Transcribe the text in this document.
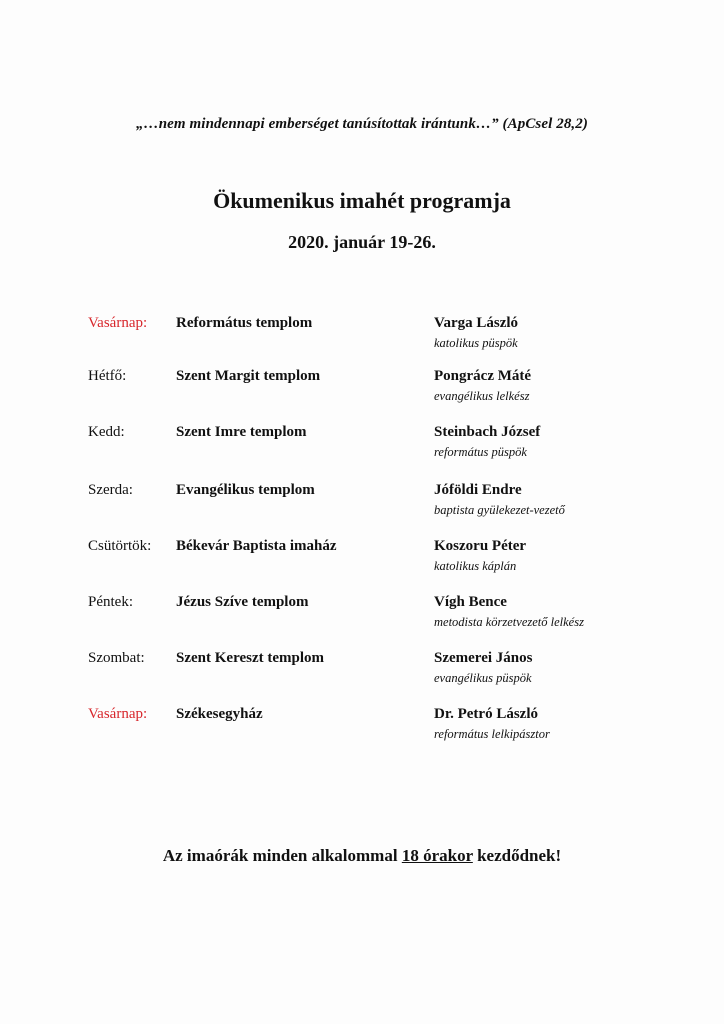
„…nem mindennapi emberséget tanúsítottak irántunk…” (ApCsel 28,2)
Ökumenikus imahét programja
2020. január 19-26.
Vasárnap: Református templom	Varga László
katolikus püspök
Hétfő:	Szent Margit templom	Pongrácz Máté
evangélikus lelkész
Kedd:	Szent Imre templom	Steinbach József
református püspök
Szerda:	Evangélikus templom	Jóföldi Endre
baptista gyülekezet-vezető
Csütörtök: Békevár Baptista imaház	Koszoru Péter
katolikus káplán
Péntek:	Jézus Szíve templom	Vígh Bence
metodista körzetvezető lelkész
Szombat: Szent Kereszt templom	Szemerei János
evangélikus püspök
Vasárnap: Székesegyház	Dr. Petró László
református lelkipásztor
Az imaórák minden alkalommal 18 órakor kezdődnek!
